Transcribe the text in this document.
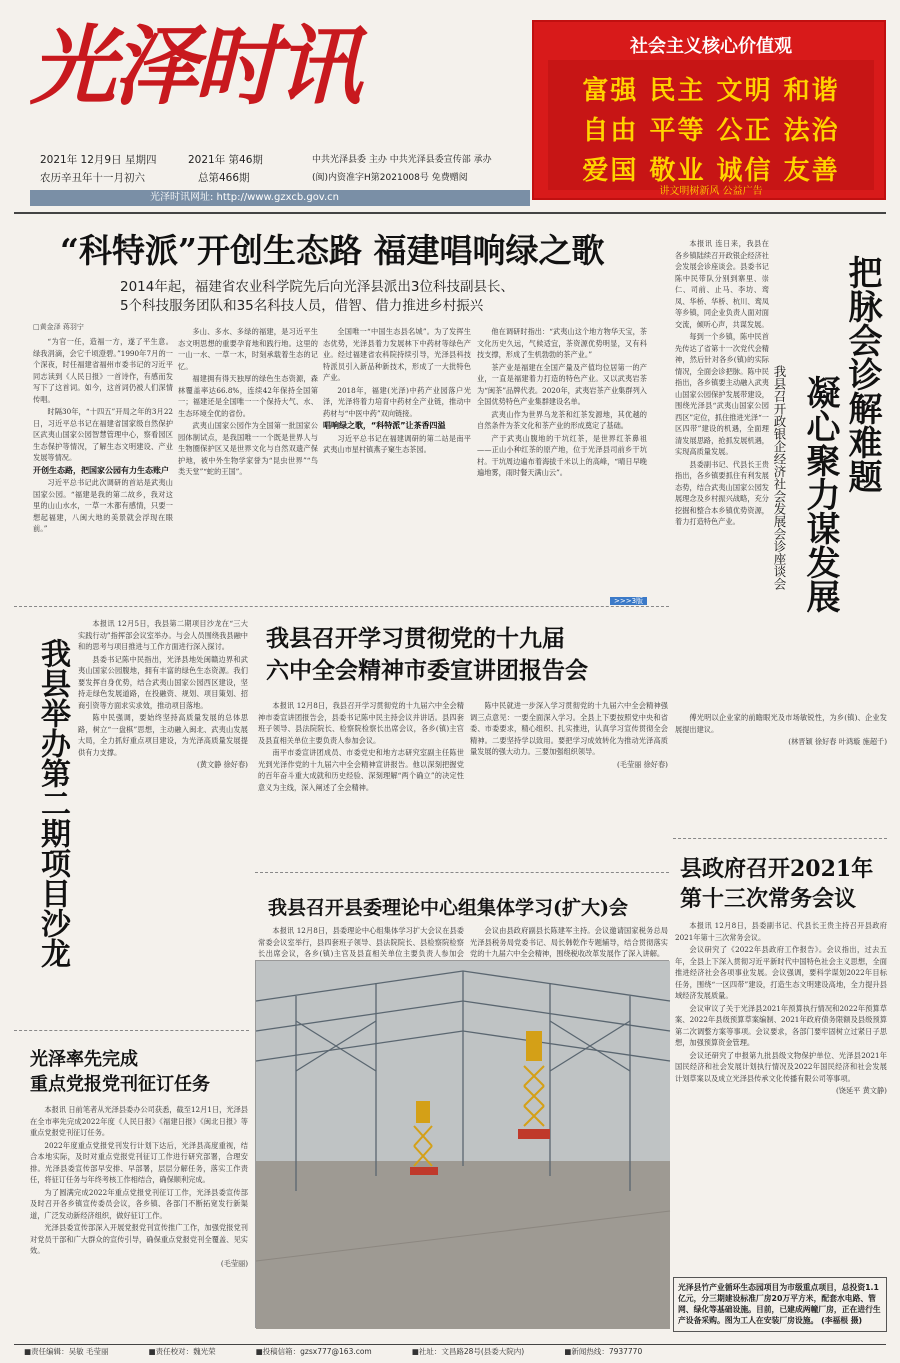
光泽时讯
2021年 12月9日 星期四
农历辛丑年十一月初六
2021年 第46期
总第466期
中共光泽县委 主办 中共光泽县委宣传部 承办
(闽)内资准字H第2021008号 免费赠阅
光泽时讯网址: http://www.gzxcb.gov.cn
社会主义核心价值观
富强 民主 文明 和谐
自由 平等 公正 法治
爱国 敬业 诚信 友善
讲文明树新风 公益广告
“科特派”开创生态路 福建唱响绿之歌
2014年起，福建省农业科学院先后向光泽县派出3位科技副县长、
5个科技服务团队和35名科技人员，借智、借力推进乡村振兴
□黄金泽 蒋羽宁

“为官一任，造福一方，遂了平生意。绿我涓滴，会它千顷澄碧。”1990年7月的一个深夜，时任福建省福州市委书记的习近平同志读到《人民日报》一首诗作，有感而发写下了这首词。如今，这首词仍被人们深情传唱。

时隔30年，“十四五”开局之年的3月22日，习近平总书记在福建省国家级自然保护区武夷山国家公园智慧管理中心，察看园区生态保护等情况，了解生态文明建设、产业发展等情况。

开创生态路，把国家公园有力生态账户

习近平总书记此次调研的首站是武夷山国家公园。“福建是我的第二故乡，我对这里的山山水水，一草一木都有感情，只要一想起福建，八闽大地的美景就会浮现在眼前。”

多山、多水、多绿的福建，是习近平生态文明思想的重要孕育地和践行地。这里的一山一水、一草一木，时刻承载着生态的记忆。

福建拥有得天独厚的绿色生态资源，森林覆盖率达66.8%，连续42年保持全国第一；福建还是全国唯一一个保持大气、水、生态环境全优的省份。

武夷山国家公园作为全国第一批国家公园体制试点，是我国唯一一个既是世界人与生物圈保护区又是世界文化与自然双遗产保护地，被中外生物学家誉为“昆虫世界”“鸟类天堂”“蛇的王国”。

全国唯一“中国生态县名城”。为了发挥生态优势，光泽县着力发展林下中药材等绿色产业。经过福建省农科院持续引导，光泽县科技特派员引入新品种新技术，形成了一大批特色产业。

2018年，福建(光泽)中药产业园落户光泽，光泽将着力培育中药材全产业链，推动中药材与“中医中药”双向链接。

唱响绿之歌，“科特派”让茶香四溢

习近平总书记在福建调研的第二站是南平武夷山市星村镇燕子窠生态茶园。

他在调研时指出：“武夷山这个地方物华天宝，茶文化历史久远，气候适宜，茶资源优势明显，又有科技支撑，形成了生机勃勃的茶产业。”

茶产业是福建在全国产量及产值均位居第一的产业，一直是福建着力打造的特色产业。又以武夷岩茶为“闽茶”品牌代表。2020年，武夷岩茶产业集群列入全国优势特色产业集群建设名单。

武夷山作为世界乌龙茶和红茶发源地，其优越的自然条件为茶文化和茶产业的形成奠定了基础。

产于武夷山腹地的干坑红茶，是世界红茶鼻祖——正山小种红茶的原产地，位于光泽县司前乡干坑村。干坑周边遍布着海拔千米以上的高峰，“晴日早晚遍地雾，雨时餐天满山云”。

>>>3版
把脉会诊解难题
凝心聚力谋发展
我县召开政银企经济社会发展会诊座谈会

本报讯 连日来，我县在各乡镇陆续召开政银企经济社会发展会诊座谈会。县委书记陈中民带队分别到寨里、崇仁、司前、止马、李坊、鸾凤、华桥、华桥、杭川、鸾凤等乡镇，同企业负责人面对面交流，倾听心声，共谋发展。

每到一个乡镇，陈中民首先传达了省第十一次党代会精神，然后针对各乡(镇)的实际情况，全面会诊把脉。陈中民指出，各乡镇要主动融入武夷山国家公园保护发展带建设，围绕光泽县“武夷山国家公园西区”定位，抓住推进光泽“一区四带”建设的机遇，全面理清发展思路，抢抓发展机遇，实现高质量发展。

县委副书记、代县长王贵指出，各乡镇要抓住有利发展态势，结合武夷山国家公园发展理念及乡村振兴战略，充分挖掘和整合本乡镇优势资源，着力打造特色产业。

傅光明以企业家的前瞻眼光及市场敏锐性，为乡(镇)、企业发展提出建议。

(林晋颖 徐好春 叶鸿璇 施超千)

我县举办第二期项目沙龙

本报讯 12月5日，我县第二期项目沙龙在“三大实践行动”指挥部会议室举办。与会人员围绕我县融中和的思考与项目推进与工作方面进行深入探讨。

县委书记陈中民指出，光泽县地处闽赣边界和武夷山国家公园腹地，拥有丰富的绿色生态资源。我们要发挥自身优势，结合武夷山国家公园西区建设，坚持走绿色发展道路，在投融资、规划、项目策划、招商引资等方面求实求效，推动项目落地。

陈中民强调，要始终坚持高质量发展的总体思路，树立“一盘棋”思想，主动融入闽北、武夷山发展大局，全力抓好重点项目建设，为光泽高质量发展提供有力支撑。

(黄文静 徐好春)

我县召开学习贯彻党的十九届
六中全会精神市委宣讲团报告会

本报讯 12月8日，我县召开学习贯彻党的十九届六中全会精神市委宣讲团报告会，县委书记陈中民主持会议并讲话。县四套班子领导、县法院院长、检察院检察长出席会议，各乡(镇)主官及县直相关单位主要负责人参加会议。

南平市委宣讲团成员、市委党史和地方志研究室副主任陈世光到光泽作党的十九届六中全会精神宣讲报告。他以深刻把握党的百年奋斗重大成就和历史经验、深刻理解“两个确立”的决定性意义为主线，深入阐述了全会精神。

陈中民就进一步深入学习贯彻党的十九届六中全会精神强调三点意见：一要全面深入学习。全县上下要按照党中央和省委、市委要求，精心组织、扎实推进，认真学习宣传贯彻全会精神。二要坚持学以致用。要把学习成效转化为推动光泽高质量发展的强大动力。三要加强组织领导。

(毛莹丽 徐好春)

我县召开县委理论中心组集体学习(扩大)会

本报讯 12月8日，县委理论中心组集体学习扩大会议在县委常委会议室举行，县四套班子领导、县法院院长、县检察院检察长出席会议，各乡(镇)主官及县直相关单位主要负责人参加会

会议由县政府副县长陈建军主持。会议邀请国家税务总局光泽县税务局党委书记、局长韩乾作专题辅导，结合贯彻落实党的十九届六中全会精神，围绕税收改革发展作了深入讲解。

县政府召开2021年
第十三次常务会议

本报讯 12月8日，县委副书记、代县长王贵主持召开县政府2021年第十三次常务会议。

会议研究了《2022年县政府工作报告》。会议指出，过去五年，全县上下深入贯彻习近平新时代中国特色社会主义思想，全面推进经济社会各项事业发展。会议强调，要科学谋划2022年目标任务，围绕“一区四带”建设，打造生态文明建设高地，全力提升县域经济发展质量。

会议审议了关于光泽县2021年预算执行情况和2022年预算草案、2022年县级预算草案编制、2021年政府债务限额及县级预算第二次调整方案等事项。会议要求，各部门要牢固树立过紧日子思想，加强预算资金管理。

会议还研究了申报第九批县级文物保护单位、光泽县2021年国民经济和社会发展计划执行情况及2022年国民经济和社会发展计划草案以及成立光泽县传承文化传播有限公司等事项。

(饶延平 黄文静)

光泽率先完成
重点党报党刊征订任务

本报讯 日前笔者从光泽县委办公司获悉，截至12月1日，光泽县在全市率先完成2022年度《人民日报》《福建日报》《闽北日报》等重点党报党刊征订任务。

2022年度重点党报党刊发行计划下达后，光泽县高度重视，结合本地实际，及时对重点党报党刊征订工作进行研究部署，合理安排。光泽县委宣传部早安排、早部署，层层分解任务，落实工作责任，将征订任务与年终考核工作相结合，确保顺利完成。

为了圆满完成2022年重点党报党刊征订工作，光泽县委宣传部及时召开各乡镇宣传委员会议，各乡镇、各部门不断拓宽发行新渠道，广泛发动新经济组织，做好征订工作。

光泽县委宣传部深入开展党报党刊宣传推广工作，加强党报党刊对党员干部和广大群众的宣传引导，确保重点党报党刊全覆盖、见实效。

(毛莹丽)

光泽县竹产业循环生态园项目为市级重点项目，总投资1.1亿元，分三期建设标准厂房20万平方米，配套水电路、管网、绿化等基础设施。目前，已建成两幢厂房，正在进行生产设备采购。图为工人在安装厂房设施。 (李福根 摄)
■责任编辑：吴敏 毛莹丽	■责任校对：魏光荣	■投稿信箱：gzsx777@163.com	■社址：文昌路28号(县委大院内)	■新闻热线：7937770
